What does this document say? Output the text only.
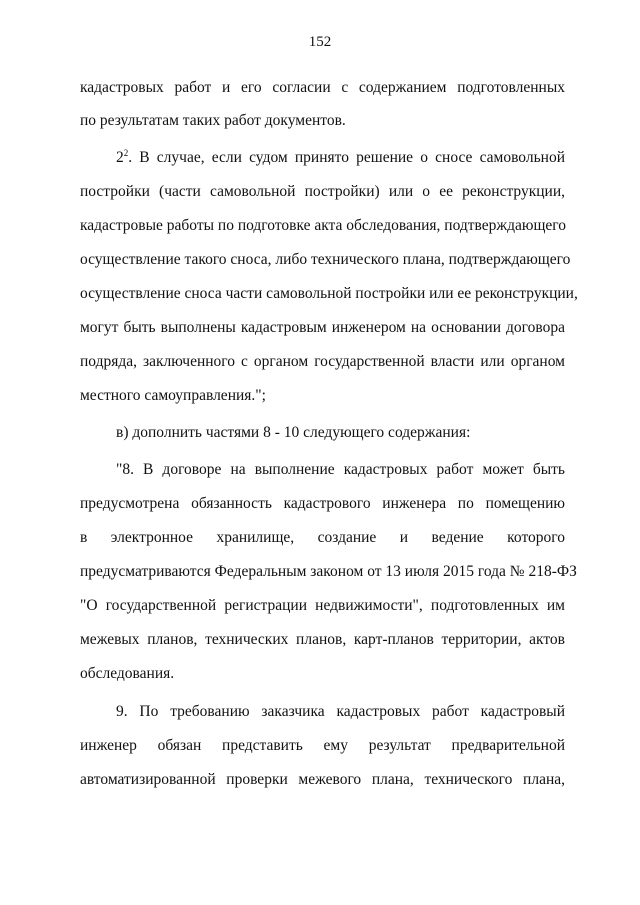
152
кадастровых работ и его согласии с содержанием подготовленных
по результатам таких работ документов.
$2^2$. В случае, если судом принято решение о сносе самовольной
постройки (части самовольной постройки) или о ее реконструкции,
кадастровые работы по подготовке акта обследования, подтверждающего
осуществление такого сноса, либо технического плана, подтверждающего
осуществление сноса части самовольной постройки или ее реконструкции,
могут быть выполнены кадастровым инженером на основании договора
подряда, заключенного с органом государственной власти или органом
местного самоуправления.";
в) дополнить частями 8 - 10 следующего содержания:
"8. В договоре на выполнение кадастровых работ может быть
предусмотрена обязанность кадастрового инженера по помещению
в электронное хранилище, создание и ведение которого
предусматриваются Федеральным законом от 13 июля 2015 года № 218-ФЗ
"О государственной регистрации недвижимости", подготовленных им
межевых планов, технических планов, карт-планов территории, актов
обследования.
9. По требованию заказчика кадастровых работ кадастровый
инженер обязан представить ему результат предварительной
автоматизированной проверки межевого плана, технического плана,
